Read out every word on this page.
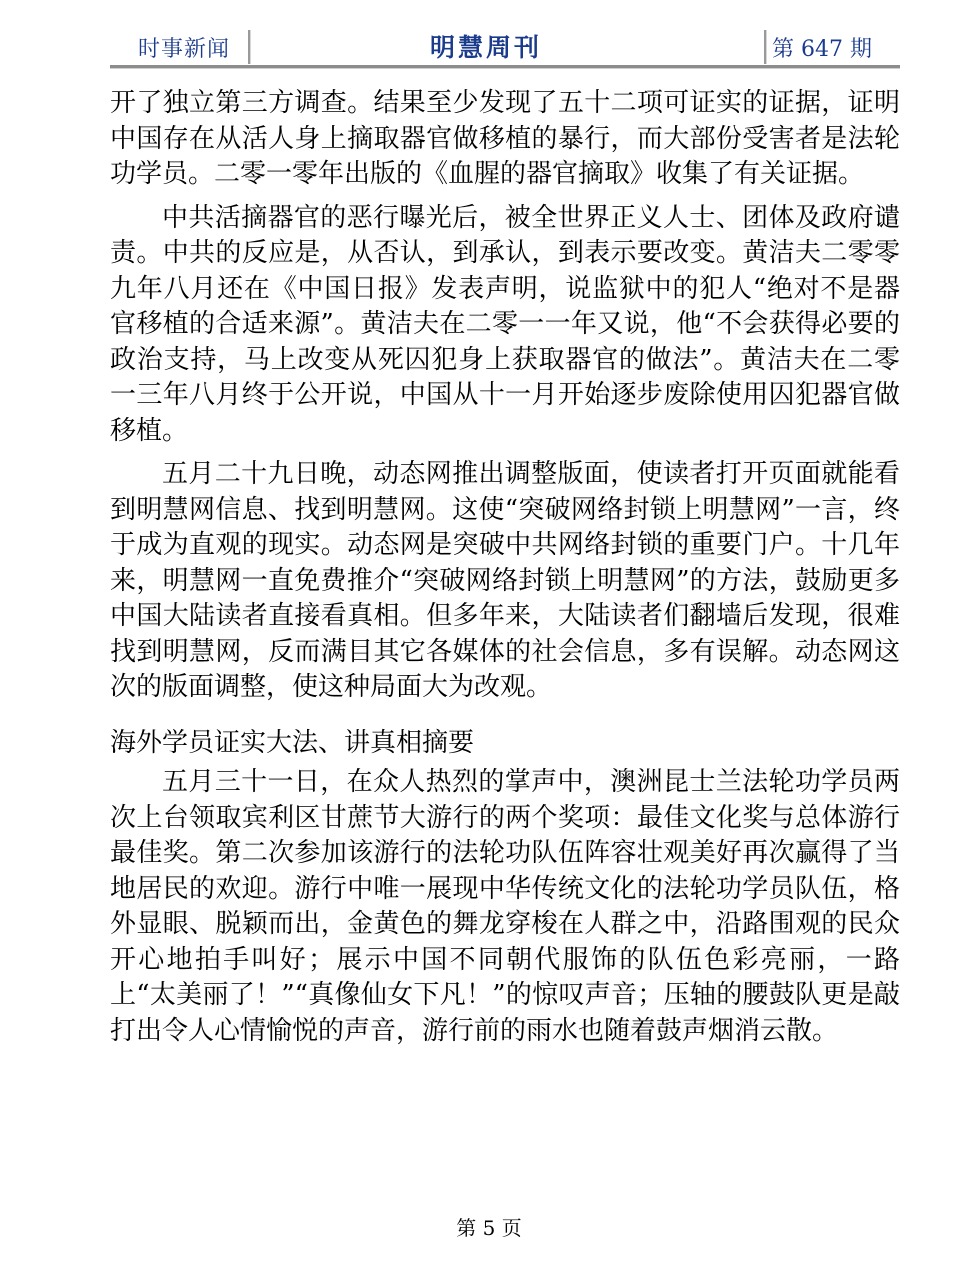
时事新闻	明慧周刊	第 647 期

开了独立第三方调查。结果至少发现了五十二项可证实的证据，证明中国存在从活人身上摘取器官做移植的暴行，而大部份受害者是法轮功学员。二零一零年出版的《血腥的器官摘取》收集了有关证据。

中共活摘器官的恶行曝光后，被全世界正义人士、团体及政府谴责。中共的反应是，从否认，到承认，到表示要改变。黄洁夫二零零九年八月还在《中国日报》发表声明，说监狱中的犯人“绝对不是器官移植的合适来源”。黄洁夫在二零一一年又说，他“不会获得必要的政治支持，马上改变从死囚犯身上获取器官的做法”。黄洁夫在二零一三年八月终于公开说，中国从十一月开始逐步废除使用囚犯器官做移植。

五月二十九日晚，动态网推出调整版面，使读者打开页面就能看到明慧网信息、找到明慧网。这使“突破网络封锁上明慧网”一言，终于成为直观的现实。动态网是突破中共网络封锁的重要门户。十几年来，明慧网一直免费推介“突破网络封锁上明慧网”的方法，鼓励更多中国大陆读者直接看真相。但多年来，大陆读者们翻墙后发现，很难找到明慧网，反而满目其它各媒体的社会信息，多有误解。动态网这次的版面调整，使这种局面大为改观。

海外学员证实大法、讲真相摘要

五月三十一日，在众人热烈的掌声中，澳洲昆士兰法轮功学员两次上台领取宾利区甘蔗节大游行的两个奖项：最佳文化奖与总体游行最佳奖。第二次参加该游行的法轮功队伍阵容壮观美好再次赢得了当地居民的欢迎。游行中唯一展现中华传统文化的法轮功学员队伍，格外显眼、脱颖而出，金黄色的舞龙穿梭在人群之中，沿路围观的民众开心地拍手叫好；展示中国不同朝代服饰的队伍色彩亮丽，一路上“太美丽了！”“真像仙女下凡！”的惊叹声音；压轴的腰鼓队更是敲打出令人心情愉悦的声音，游行前的雨水也随着鼓声烟消云散。

第 5 页
